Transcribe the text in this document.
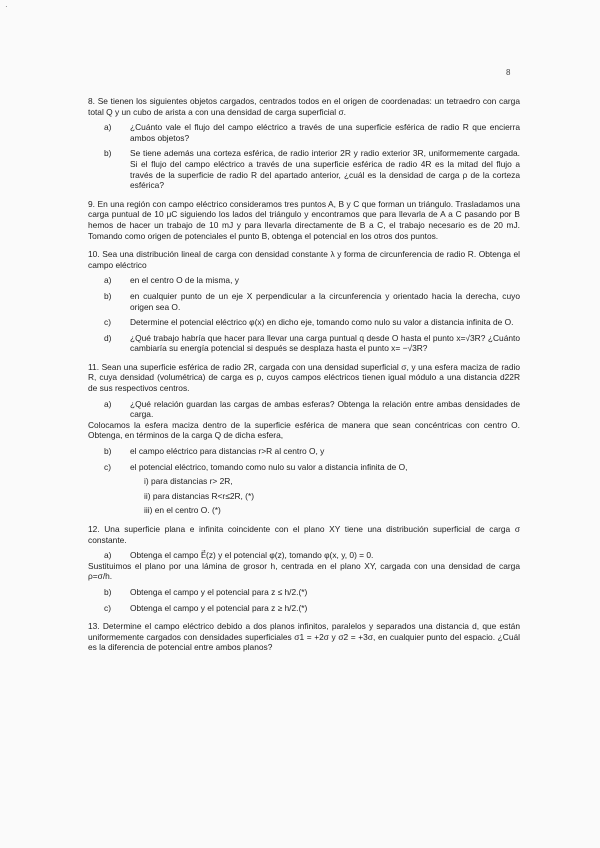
·
8

8. Se tienen los siguientes objetos cargados, centrados todos en el origen de coordenadas: un tetraedro con carga total Q y un cubo de arista a con una densidad de carga superficial σ.

a)	¿Cuánto vale el flujo del campo eléctrico a través de una superficie esférica de radio R que encierra ambos objetos?
b)	Se tiene además una corteza esférica, de radio interior 2R y radio exterior 3R, uniformemente cargada. Si el flujo del campo eléctrico a través de una superficie esférica de radio 4R es la mitad del flujo a través de la superficie de radio R del apartado anterior, ¿cuál es la densidad de carga ρ de la corteza esférica?

9. En una región con campo eléctrico consideramos tres puntos A, B y C que forman un triángulo. Trasladamos una carga puntual de 10 μC siguiendo los lados del triángulo y encontramos que para llevarla de A a C pasando por B hemos de hacer un trabajo de 10 mJ y para llevarla directamente de B a C, el trabajo necesario es de 20 mJ. Tomando como origen de potenciales el punto B, obtenga el potencial en los otros dos puntos.

10. Sea una distribución lineal de carga con densidad constante λ y forma de circunferencia de radio R. Obtenga el campo eléctrico

a)	en el centro O de la misma, y
b)	en cualquier punto de un eje X perpendicular a la circunferencia y orientado hacia la derecha, cuyo origen sea O.
c)	Determine el potencial eléctrico φ(x) en dicho eje, tomando como nulo su valor a distancia infinita de O.
d)	¿Qué trabajo habría que hacer para llevar una carga puntual q desde O hasta el punto x=√3R? ¿Cuánto cambiaría su energía potencial si después se desplaza hasta el punto x= −√3R?

11. Sean una superficie esférica de radio 2R, cargada con una densidad superficial σ, y una esfera maciza de radio R, cuya densidad (volumétrica) de carga es ρ, cuyos campos eléctricos tienen igual módulo a una distancia d22R de sus respectivos centros.

a)	¿Qué relación guardan las cargas de ambas esferas? Obtenga la relación entre ambas densidades de carga.

Colocamos la esfera maciza dentro de la superficie esférica de manera que sean concéntricas con centro O. Obtenga, en términos de la carga Q de dicha esfera,

b)	el campo eléctrico para distancias r>R al centro O, y
c)	el potencial eléctrico, tomando como nulo su valor a distancia infinita de O,
i) para distancias r> 2R,
ii) para distancias R<r≤2R, (*)
iii) en el centro O. (*)

12. Una superficie plana e infinita coincidente con el plano XY tiene una distribución superficial de carga σ constante.

a)	Obtenga el campo E⃗(z) y el potencial φ(z), tomando φ(x, y, 0) = 0.

Sustituimos el plano por una lámina de grosor h, centrada en el plano XY, cargada con una densidad de carga ρ=σ/h.

b)	Obtenga el campo y el potencial para z ≤ h/2.(*)
c)	Obtenga el campo y el potencial para z ≥ h/2.(*)

13. Determine el campo eléctrico debido a dos planos infinitos, paralelos y separados una distancia d, que están uniformemente cargados con densidades superficiales σ1 = +2σ y σ2 = +3σ, en cualquier punto del espacio. ¿Cuál es la diferencia de potencial entre ambos planos?
